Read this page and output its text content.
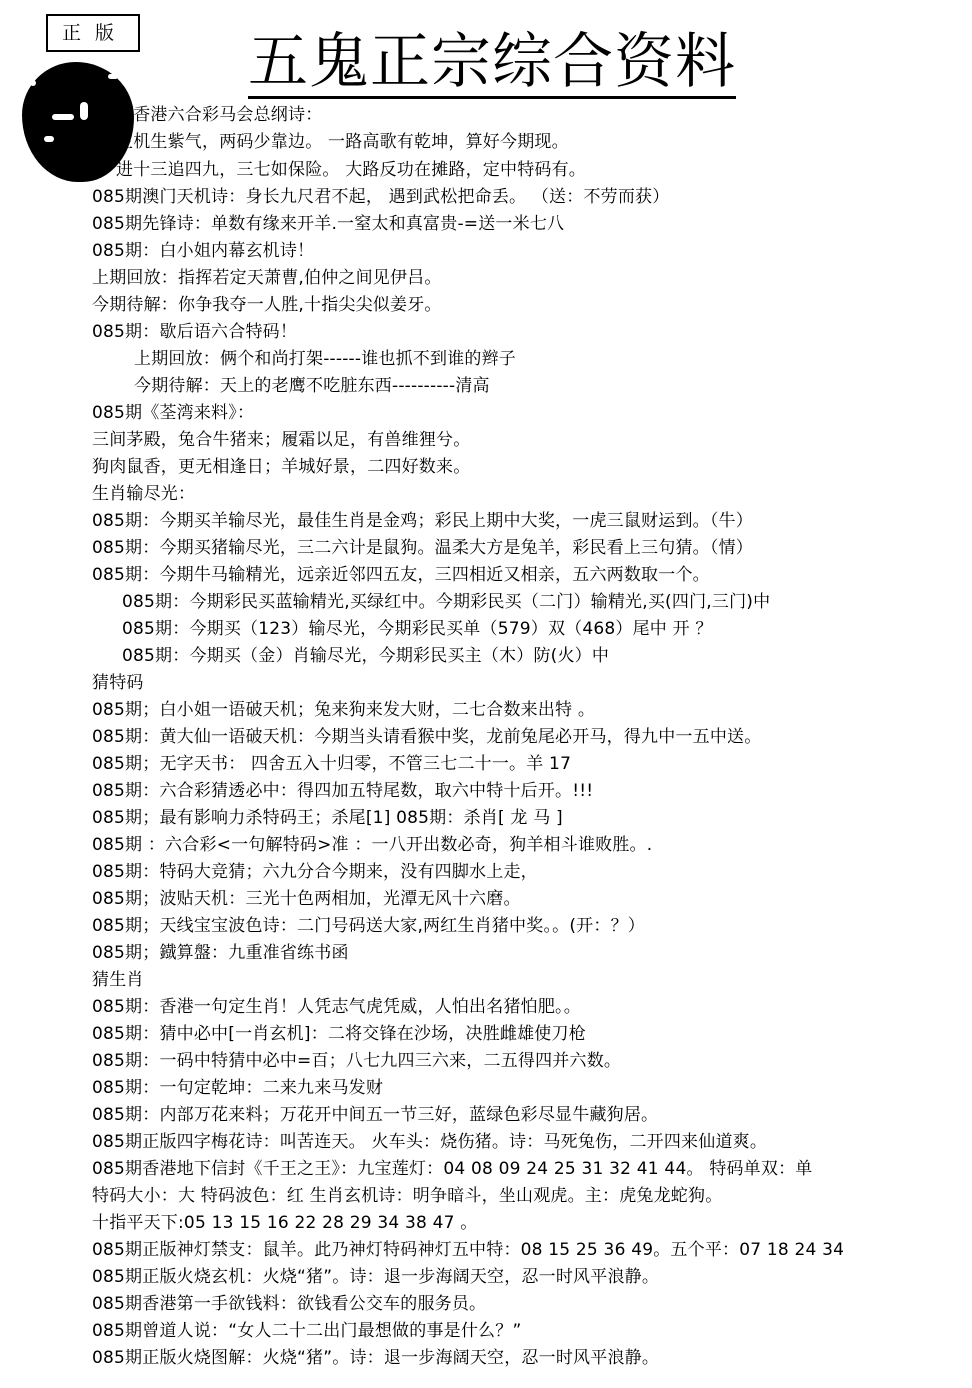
正 版	五鬼正宗综合资料
期香港六合彩马会总纲诗：
生机生紫气，两码少靠边。 一路高歌有乾坤，算好今期现。
进十三追四九，三七如保险。 大路反功在摊路，定中特码有。
085期澳门天机诗：身长九尺君不起， 遇到武松把命丢。 （送：不劳而获）
085期先锋诗：单数有缘来开羊.一窒太和真富贵-=送一米七八
085期：白小姐内幕玄机诗！
上期回放：指挥若定天萧曹,伯仲之间见伊吕。
今期待解：你争我夺一人胜,十指尖尖似姜牙。
085期：歇后语六合特码！
上期回放：俩个和尚打架------谁也抓不到谁的辫子
今期待解：天上的老鹰不吃脏东西----------清高
085期《荃湾来料》：
三间茅殿，兔合牛猪来；履霜以足，有兽维狸兮。
狗肉鼠香，更无相逢日；羊城好景，二四好数来。
生肖输尽光：
085期：今期买羊输尽光，最佳生肖是金鸡；彩民上期中大奖，一虎三鼠财运到。（牛）
085期：今期买猪输尽光，三二六计是鼠狗。温柔大方是兔羊，彩民看上三句猜。（情）
085期：今期牛马输精光，远亲近邻四五友，三四相近又相亲，五六两数取一个。
085期：今期彩民买蓝输精光,买绿红中。今期彩民买（二门）输精光,买(四门,三门)中
085期：今期买（123）输尽光，今期彩民买单（579）双（468）尾中 开 ？
085期：今期买（金）肖输尽光，今期彩民买主（木）防(火）中
猜特码
085期；白小姐一语破天机；兔来狗来发大财，二七合数来出特 。
085期：黄大仙一语破天机：今期当头请看猴中奖，龙前兔尾必开马，得九中一五中送。
085期；无字天书： 四舍五入十归零，不管三七二十一。羊 17
085期：六合彩猜透必中：得四加五特尾数，取六中特十后开。!!!
085期；最有影响力杀特码王；杀尾[1] 085期：杀肖[ 龙 马 ]
085期 ：六合彩<一句解特码>准 ：一八开出数必奇，狗羊相斗谁败胜。.
085期：特码大竞猜；六九分合今期来，没有四脚水上走，
085期；波贴天机：三光十色两相加，光潭无风十六磨。
085期；天线宝宝波色诗：二门号码送大家,两红生肖猪中奖。。(开：？）
085期；鐡算盤：九重准省练书函
猜生肖
085期：香港一句定生肖！人凭志气虎凭威，人怕出名猪怕肥。。
085期：猜中必中[一肖玄机]：二将交锋在沙场，决胜雌雄使刀枪
085期：一码中特猜中必中=百；八七九四三六来，二五得四并六数。
085期：一句定乾坤：二来九来马发财
085期：内部万花来料；万花开中间五一节三好，蓝绿色彩尽显牛藏狗居。
085期正版四字梅花诗：叫苦连天。 火车头：烧伤猪。诗：马死兔伤，二开四来仙道爽。
085期香港地下信封《千王之王》：九宝莲灯：04 08 09 24 25 31 32 41 44。 特码单双：单
特码大小：大 特码波色：红 生肖玄机诗：明争暗斗，坐山观虎。主：虎兔龙蛇狗。
十指平天下:05 13 15 16 22 28 29 34 38 47 。
085期正版神灯禁支：鼠羊。此乃神灯特码神灯五中特：08 15 25 36 49。五个平：07 18 24 34
085期正版火烧玄机：火烧“猪”。诗：退一步海阔天空，忍一时风平浪静。
085期香港第一手欲钱料：欲钱看公交车的服务员。
085期曾道人说：“女人二十二出门最想做的事是什么？”
085期正版火烧图解：火烧“猪”。诗：退一步海阔天空，忍一时风平浪静。
